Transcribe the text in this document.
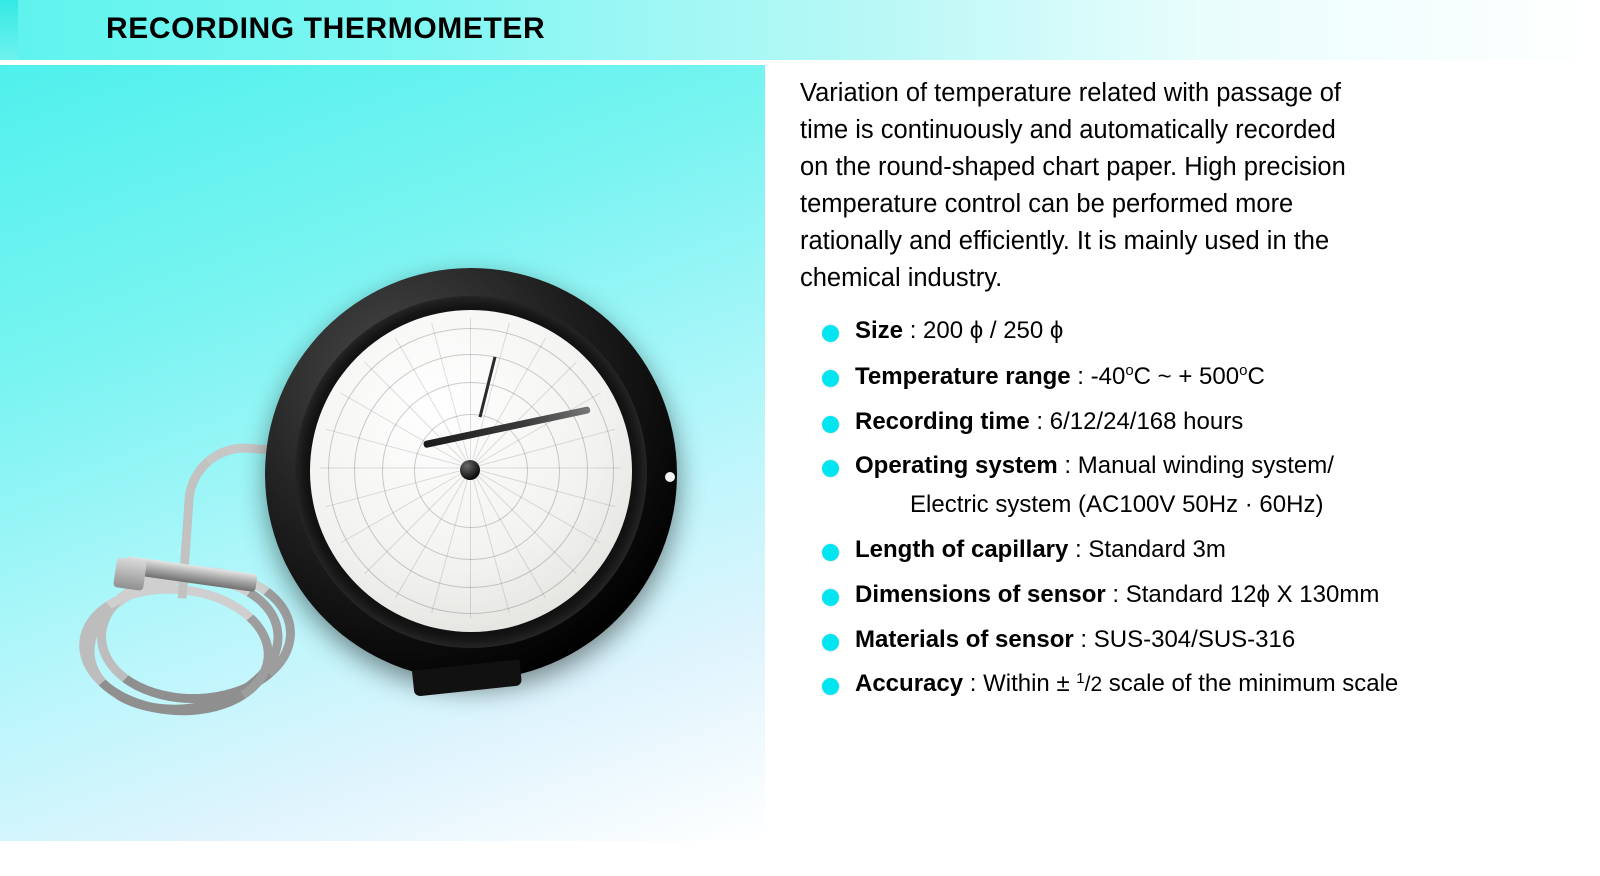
RECORDING THERMOMETER

Variation of temperature related with passage of

time is continuously and automatically recorded

on the round-shaped chart paper. High precision

temperature control can be performed more

rationally and efficiently. It is mainly used in the

chemical industry.

Size : 200 ϕ / 250 ϕ
Temperature range : -40$^o$C ~ + $500^oC$
Recording time : 6/12/24/168 hours
Operating system : Manual winding system/
Electric system (AC100V 50Hz · 60Hz)
Length of capillary : Standard 3m
Dimensions of sensor : Standard 12ϕ X 130mm
Materials of sensor : SUS-304/SUS-316
Accuracy : Within ± $^1$/2 scale of the minimum scale
